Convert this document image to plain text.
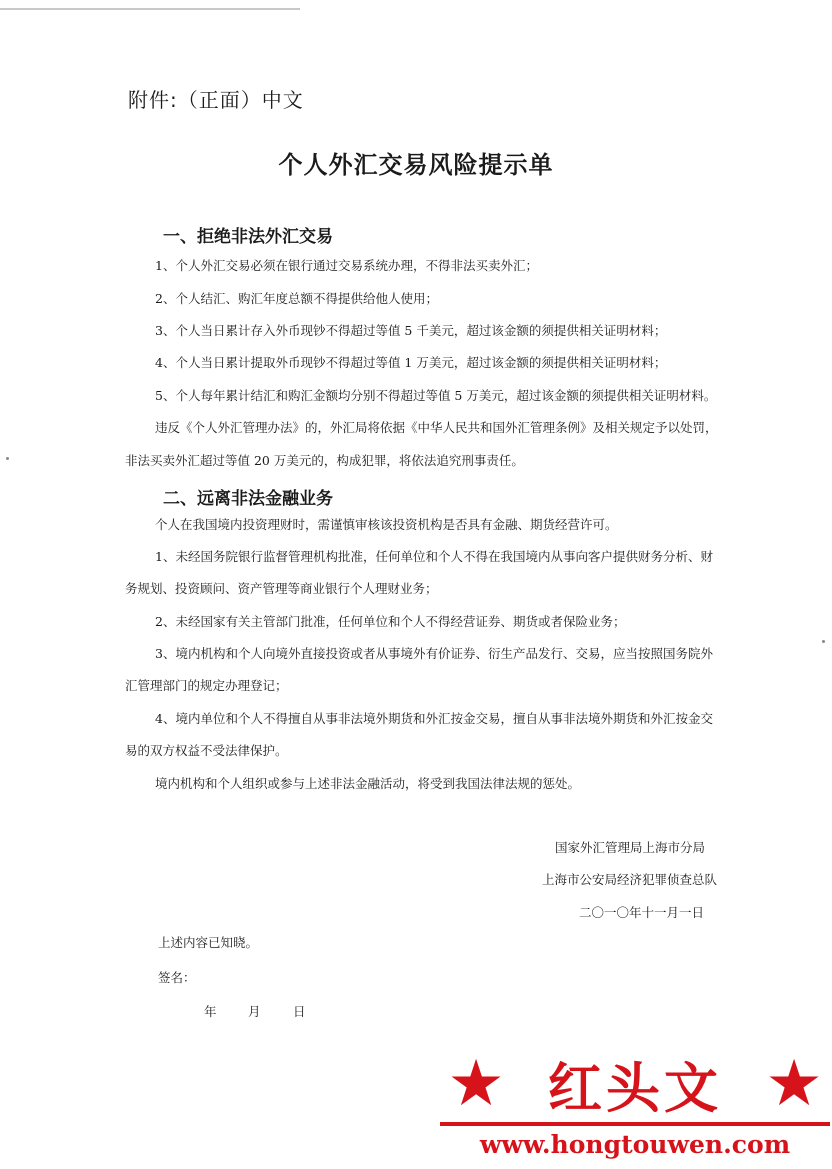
附件:（正面）中文
个人外汇交易风险提示单
一、拒绝非法外汇交易
1、个人外汇交易必须在银行通过交易系统办理，不得非法买卖外汇；
2、个人结汇、购汇年度总额不得提供给他人使用；
3、个人当日累计存入外币现钞不得超过等值 5 千美元，超过该金额的须提供相关证明材料；
4、个人当日累计提取外币现钞不得超过等值 1 万美元，超过该金额的须提供相关证明材料；
5、个人每年累计结汇和购汇金额均分别不得超过等值 5 万美元，超过该金额的须提供相关证明材料。
违反《个人外汇管理办法》的，外汇局将依据《中华人民共和国外汇管理条例》及相关规定予以处罚，
非法买卖外汇超过等值 20 万美元的，构成犯罪，将依法追究刑事责任。
二、远离非法金融业务
个人在我国境内投资理财时，需谨慎审核该投资机构是否具有金融、期货经营许可。
1、未经国务院银行监督管理机构批准，任何单位和个人不得在我国境内从事向客户提供财务分析、财
务规划、投资顾问、资产管理等商业银行个人理财业务；
2、未经国家有关主管部门批准，任何单位和个人不得经营证券、期货或者保险业务；
3、境内机构和个人向境外直接投资或者从事境外有价证券、衍生产品发行、交易，应当按照国务院外
汇管理部门的规定办理登记；
4、境内单位和个人不得擅自从事非法境外期货和外汇按金交易，擅自从事非法境外期货和外汇按金交
易的双方权益不受法律保护。
境内机构和个人组织或参与上述非法金融活动，将受到我国法律法规的惩处。
国家外汇管理局上海市分局
上海市公安局经济犯罪侦查总队
二〇一〇年十一月一日
上述内容已知晓。
签名：
年	月	日
★ 红头文 ★
www.hongtouwen.com
